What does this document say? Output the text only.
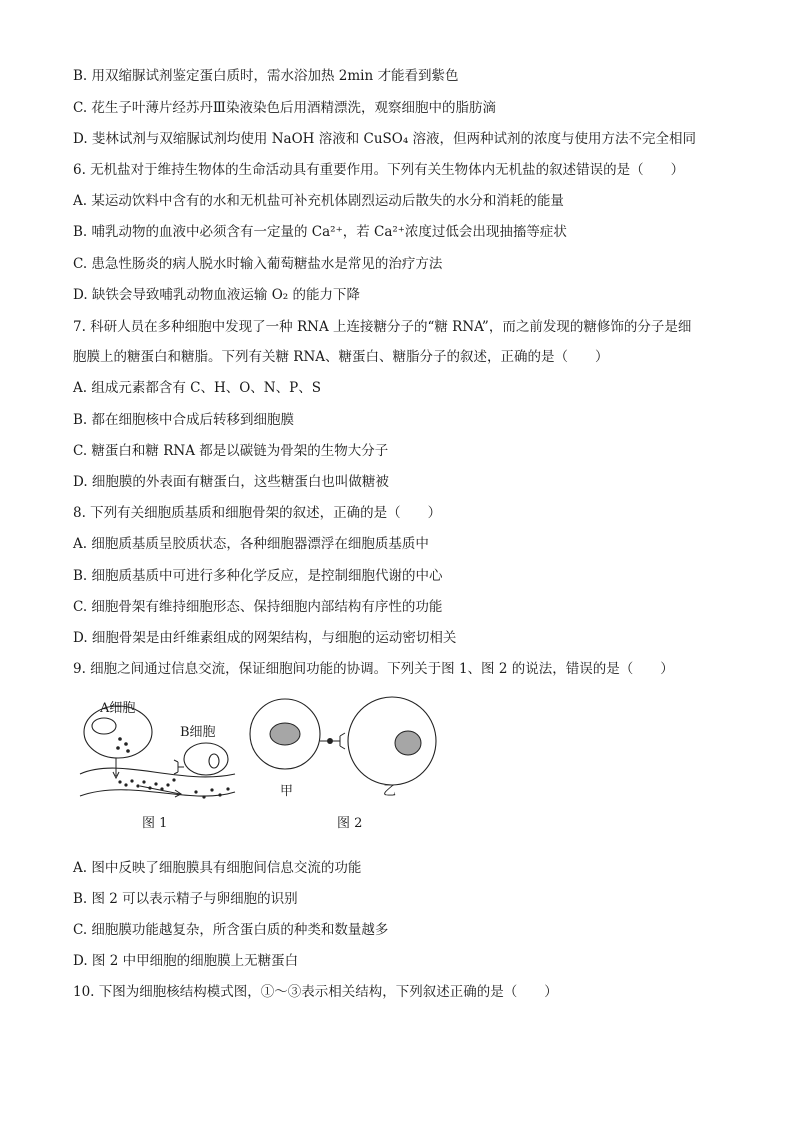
B. 用双缩脲试剂鉴定蛋白质时，需水浴加热 2min 才能看到紫色
C. 花生子叶薄片经苏丹Ⅲ染液染色后用酒精漂洗，观察细胞中的脂肪滴
D. 斐林试剂与双缩脲试剂均使用 NaOH 溶液和 CuSO₄ 溶液，但两种试剂的浓度与使用方法不完全相同
6. 无机盐对于维持生物体的生命活动具有重要作用。下列有关生物体内无机盐的叙述错误的是（　　）
A. 某运动饮料中含有的水和无机盐可补充机体剧烈运动后散失的水分和消耗的能量
B. 哺乳动物的血液中必须含有一定量的 Ca²⁺，若 Ca²⁺浓度过低会出现抽搐等症状
C. 患急性肠炎的病人脱水时输入葡萄糖盐水是常见的治疗方法
D. 缺铁会导致哺乳动物血液运输 O₂ 的能力下降
7. 科研人员在多种细胞中发现了一种 RNA 上连接糖分子的“糖 RNA”，而之前发现的糖修饰的分子是细
胞膜上的糖蛋白和糖脂。下列有关糖 RNA、糖蛋白、糖脂分子的叙述，正确的是（　　）
A. 组成元素都含有 C、H、O、N、P、S
B. 都在细胞核中合成后转移到细胞膜
C. 糖蛋白和糖 RNA 都是以碳链为骨架的生物大分子
D. 细胞膜的外表面有糖蛋白，这些糖蛋白也叫做糖被
8. 下列有关细胞质基质和细胞骨架的叙述，正确的是（　　）
A. 细胞质基质呈胶质状态，各种细胞器漂浮在细胞质基质中
B. 细胞质基质中可进行多种化学反应，是控制细胞代谢的中心
C. 细胞骨架有维持细胞形态、保持细胞内部结构有序性的功能
D. 细胞骨架是由纤维素组成的网架结构，与细胞的运动密切相关
9. 细胞之间通过信息交流，保证细胞间功能的协调。下列关于图 1、图 2 的说法，错误的是（　　）
A细胞
B细胞
图 1
甲	乙
图 2
A. 图中反映了细胞膜具有细胞间信息交流的功能
B. 图 2 可以表示精子与卵细胞的识别
C. 细胞膜功能越复杂，所含蛋白质的种类和数量越多
D. 图 2 中甲细胞的细胞膜上无糖蛋白
10. 下图为细胞核结构模式图，①～③表示相关结构，下列叙述正确的是（　　）
